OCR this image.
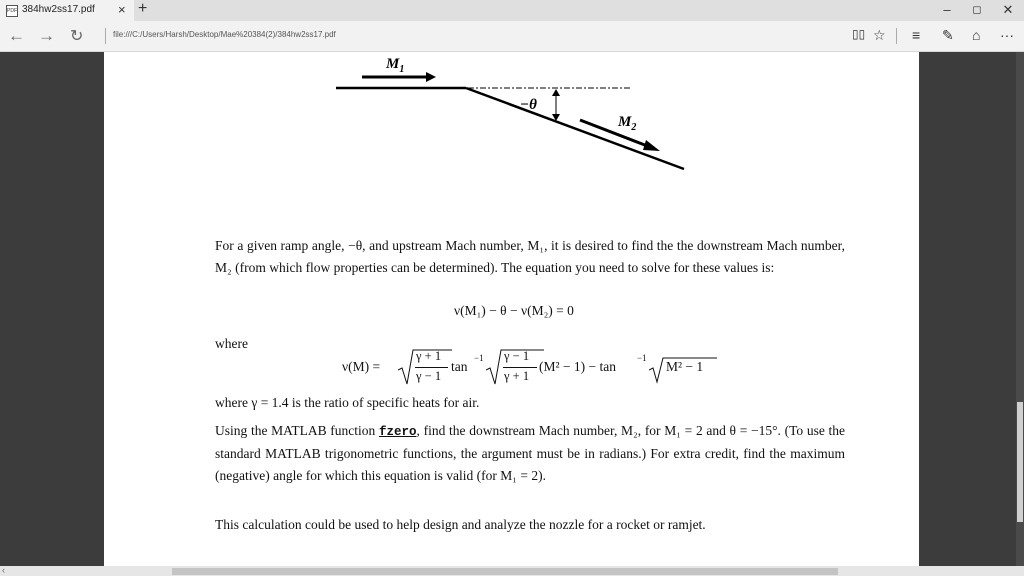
PDF 384hw2ss17.pdf × +	–	◻	✕
← → ↻	file:///C:/Users/Harsh/Desktop/Mae%20384(2)/384hw2ss17.pdf	▯▯ ☆ ≡ ✎ ⌂ ···
‹
$M_1$
$M_2$
−θ
For a given ramp angle, −θ, and upstream Mach number, M₁, it is desired to find the the downstream Mach number, M₂ (from which flow properties can be determined). The equation you need to solve for these values is:
ν(M₁) − θ − ν(M₂) = 0
where
ν(M) =
γ + 1
γ − 1
tan
−1 γ − 1
γ + 1
(M² − 1) − tan
−1
M² − 1
where γ = 1.4 is the ratio of specific heats for air.
Using the MATLAB function fzero, find the downstream Mach number, M₂, for M₁ = 2 and θ = −15°. (To use the standard MATLAB trigonometric functions, the argument must be in radians.) For extra credit, find the maximum (negative) angle for which this equation is valid (for M₁ = 2).
This calculation could be used to help design and analyze the nozzle for a rocket or ramjet.
